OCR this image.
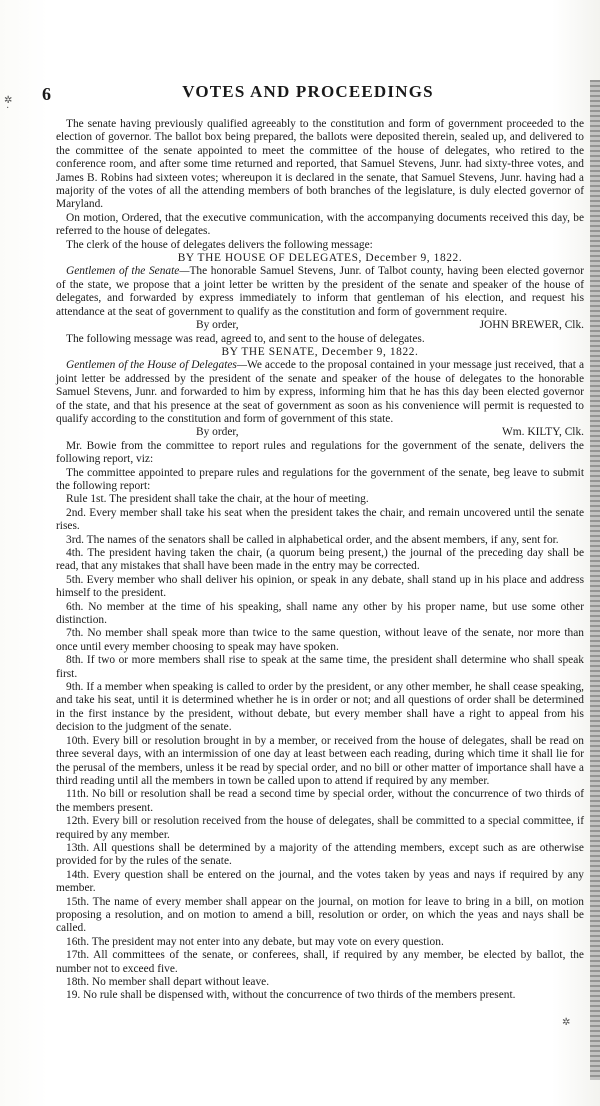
✲
·
✲
6	VOTES AND PROCEEDINGS

The senate having previously qualified agreeably to the constitution and form of government proceeded to the election of governor. The ballot box being prepared, the ballots were deposited therein, sealed up, and delivered to the committee of the senate appointed to meet the committee of the house of delegates, who retired to the conference room, and after some time returned and reported, that Samuel Stevens, Junr. had sixty-three votes, and James B. Robins had sixteen votes; whereupon it is declared in the senate, that Samuel Stevens, Junr. having had a majority of the votes of all the attending members of both branches of the legislature, is duly elected governor of Maryland.

On motion, Ordered, that the executive communication, with the accompanying documents received this day, be referred to the house of delegates.

The clerk of the house of delegates delivers the following message:

BY THE HOUSE OF DELEGATES, December 9, 1822.

Gentlemen of the Senate—The honorable Samuel Stevens, Junr. of Talbot county, having been elected governor of the state, we propose that a joint letter be written by the president of the senate and speaker of the house of delegates, and forwarded by express immediately to inform that gentleman of his election, and request his attendance at the seat of government to qualify as the constitution and form of government require.

By order,	JOHN BREWER, Clk.

The following message was read, agreed to, and sent to the house of delegates.

BY THE SENATE, December 9, 1822.

Gentlemen of the House of Delegates—We accede to the proposal contained in your message just received, that a joint letter be addressed by the president of the senate and speaker of the house of delegates to the honorable Samuel Stevens, Junr. and forwarded to him by express, informing him that he has this day been elected governor of the state, and that his presence at the seat of government as soon as his convenience will permit is requested to qualify according to the constitution and form of government of this state.

By order,	Wm. KILTY, Clk.

Mr. Bowie from the committee to report rules and regulations for the government of the senate, delivers the following report, viz:

The committee appointed to prepare rules and regulations for the government of the senate, beg leave to submit the following report:

Rule 1st. The president shall take the chair, at the hour of meeting.

2nd. Every member shall take his seat when the president takes the chair, and remain uncovered until the senate rises.

3rd. The names of the senators shall be called in alphabetical order, and the absent members, if any, sent for.

4th. The president having taken the chair, (a quorum being present,) the journal of the preceding day shall be read, that any mistakes that shall have been made in the entry may be corrected.

5th. Every member who shall deliver his opinion, or speak in any debate, shall stand up in his place and address himself to the president.

6th. No member at the time of his speaking, shall name any other by his proper name, but use some other distinction.

7th. No member shall speak more than twice to the same question, without leave of the senate, nor more than once until every member choosing to speak may have spoken.

8th. If two or more members shall rise to speak at the same time, the president shall determine who shall speak first.

9th. If a member when speaking is called to order by the president, or any other member, he shall cease speaking, and take his seat, until it is determined whether he is in order or not; and all questions of order shall be determined in the first instance by the president, without debate, but every member shall have a right to appeal from his decision to the judgment of the senate.

10th. Every bill or resolution brought in by a member, or received from the house of delegates, shall be read on three several days, with an intermission of one day at least between each reading, during which time it shall lie for the perusal of the members, unless it be read by special order, and no bill or other matter of importance shall have a third reading until all the members in town be called upon to attend if required by any member.

11th. No bill or resolution shall be read a second time by special order, without the concurrence of two thirds of the members present.

12th. Every bill or resolution received from the house of delegates, shall be committed to a special committee, if required by any member.

13th. All questions shall be determined by a majority of the attending members, except such as are otherwise provided for by the rules of the senate.

14th. Every question shall be entered on the journal, and the votes taken by yeas and nays if required by any member.

15th. The name of every member shall appear on the journal, on motion for leave to bring in a bill, on motion proposing a resolution, and on motion to amend a bill, resolution or order, on which the yeas and nays shall be called.

16th. The president may not enter into any debate, but may vote on every question.

17th. All committees of the senate, or conferees, shall, if required by any member, be elected by ballot, the number not to exceed five.

18th. No member shall depart without leave.

19. No rule shall be dispensed with, without the concurrence of two thirds of the members present.
